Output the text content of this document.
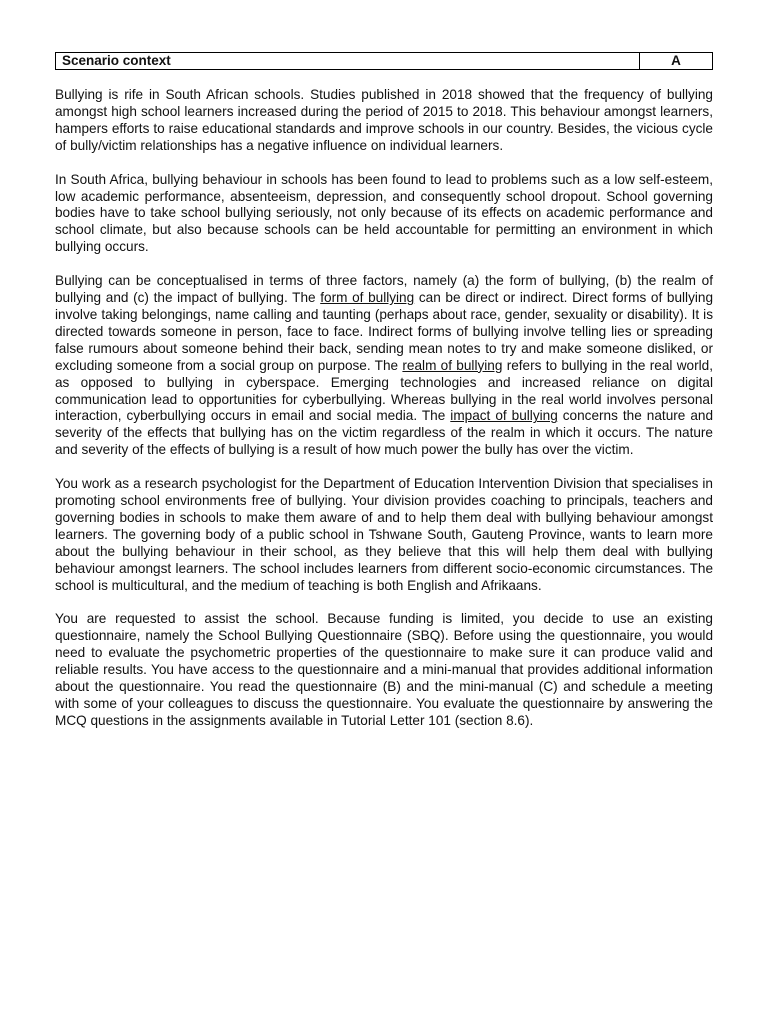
Scenario context	A

Bullying is rife in South African schools. Studies published in 2018 showed that the frequency of bullying amongst high school learners increased during the period of 2015 to 2018. This behaviour amongst learners, hampers efforts to raise educational standards and improve schools in our country. Besides, the vicious cycle of bully/victim relationships has a negative influence on individual learners.

In South Africa, bullying behaviour in schools has been found to lead to problems such as a low self-esteem, low academic performance, absenteeism, depression, and consequently school dropout. School governing bodies have to take school bullying seriously, not only because of its effects on academic performance and school climate, but also because schools can be held accountable for permitting an environment in which bullying occurs.

Bullying can be conceptualised in terms of three factors, namely (a) the form of bullying, (b) the realm of bullying and (c) the impact of bullying. The form of bullying can be direct or indirect. Direct forms of bullying involve taking belongings, name calling and taunting (perhaps about race, gender, sexuality or disability). It is directed towards someone in person, face to face. Indirect forms of bullying involve telling lies or spreading false rumours about someone behind their back, sending mean notes to try and make someone disliked, or excluding someone from a social group on purpose. The realm of bullying refers to bullying in the real world, as opposed to bullying in cyberspace. Emerging technologies and increased reliance on digital communication lead to opportunities for cyberbullying. Whereas bullying in the real world involves personal interaction, cyberbullying occurs in email and social media. The impact of bullying concerns the nature and severity of the effects that bullying has on the victim regardless of the realm in which it occurs. The nature and severity of the effects of bullying is a result of how much power the bully has over the victim.

You work as a research psychologist for the Department of Education Intervention Division that specialises in promoting school environments free of bullying. Your division provides coaching to principals, teachers and governing bodies in schools to make them aware of and to help them deal with bullying behaviour amongst learners. The governing body of a public school in Tshwane South, Gauteng Province, wants to learn more about the bullying behaviour in their school, as they believe that this will help them deal with bullying behaviour amongst learners. The school includes learners from different socio-economic circumstances. The school is multicultural, and the medium of teaching is both English and Afrikaans.

You are requested to assist the school. Because funding is limited, you decide to use an existing questionnaire, namely the School Bullying Questionnaire (SBQ). Before using the questionnaire, you would need to evaluate the psychometric properties of the questionnaire to make sure it can produce valid and reliable results. You have access to the questionnaire and a mini-manual that provides additional information about the questionnaire. You read the questionnaire (B) and the mini-manual (C) and schedule a meeting with some of your colleagues to discuss the questionnaire. You evaluate the questionnaire by answering the MCQ questions in the assignments available in Tutorial Letter 101 (section 8.6).
